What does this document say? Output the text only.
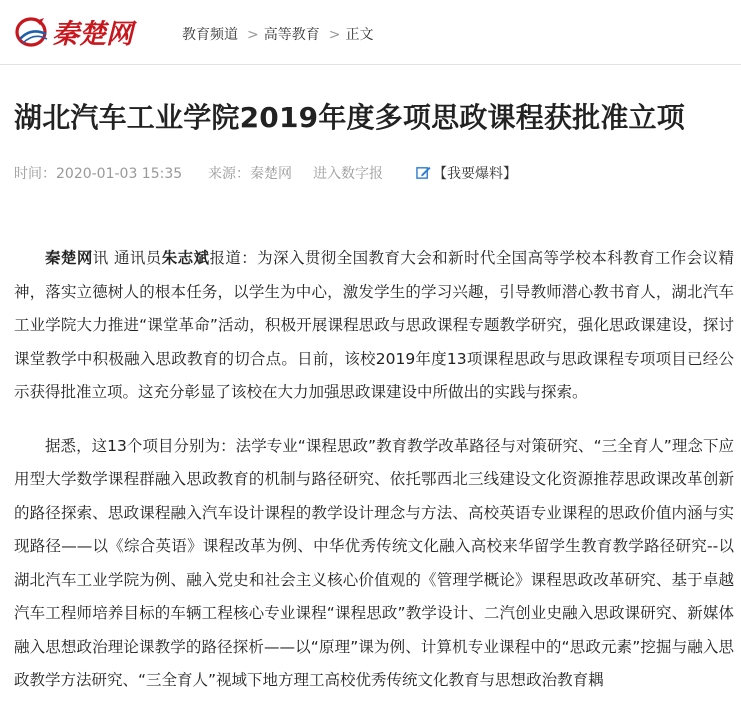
秦楚网	教育频道 > 高等教育 > 正文
湖北汽车工业学院2019年度多项思政课程获批准立项
时间：2020-01-03 15:35 来源：秦楚网 进入数字报	【我要爆料】

秦楚网讯 通讯员朱志斌报道：为深入贯彻全国教育大会和新时代全国高等学校本科教育工作会议精神，落实立德树人的根本任务，以学生为中心，激发学生的学习兴趣，引导教师潜心教书育人，湖北汽车工业学院大力推进“课堂革命”活动，积极开展课程思政与思政课程专题教学研究，强化思政课建设，探讨课堂教学中积极融入思政教育的切合点。日前，该校2019年度13项课程思政与思政课程专项项目已经公示获得批准立项。这充分彰显了该校在大力加强思政课建设中所做出的实践与探索。

据悉，这13个项目分别为：法学专业“课程思政”教育教学改革路径与对策研究、“三全育人”理念下应用型大学数学课程群融入思政教育的机制与路径研究、依托鄂西北三线建设文化资源推荐思政课改革创新的路径探索、思政课程融入汽车设计课程的教学设计理念与方法、高校英语专业课程的思政价值内涵与实现路径——以《综合英语》课程改革为例、中华优秀传统文化融入高校来华留学生教育教学路径研究--以湖北汽车工业学院为例、融入党史和社会主义核心价值观的《管理学概论》课程思政改革研究、基于卓越汽车工程师培养目标的车辆工程核心专业课程“课程思政”教学设计、二汽创业史融入思政课研究、新媒体融入思想政治理论课教学的路径探析——以“原理”课为例、计算机专业课程中的“思政元素”挖掘与融入思政教学方法研究、“三全育人”视域下地方理工高校优秀传统文化教育与思想政治教育耦
